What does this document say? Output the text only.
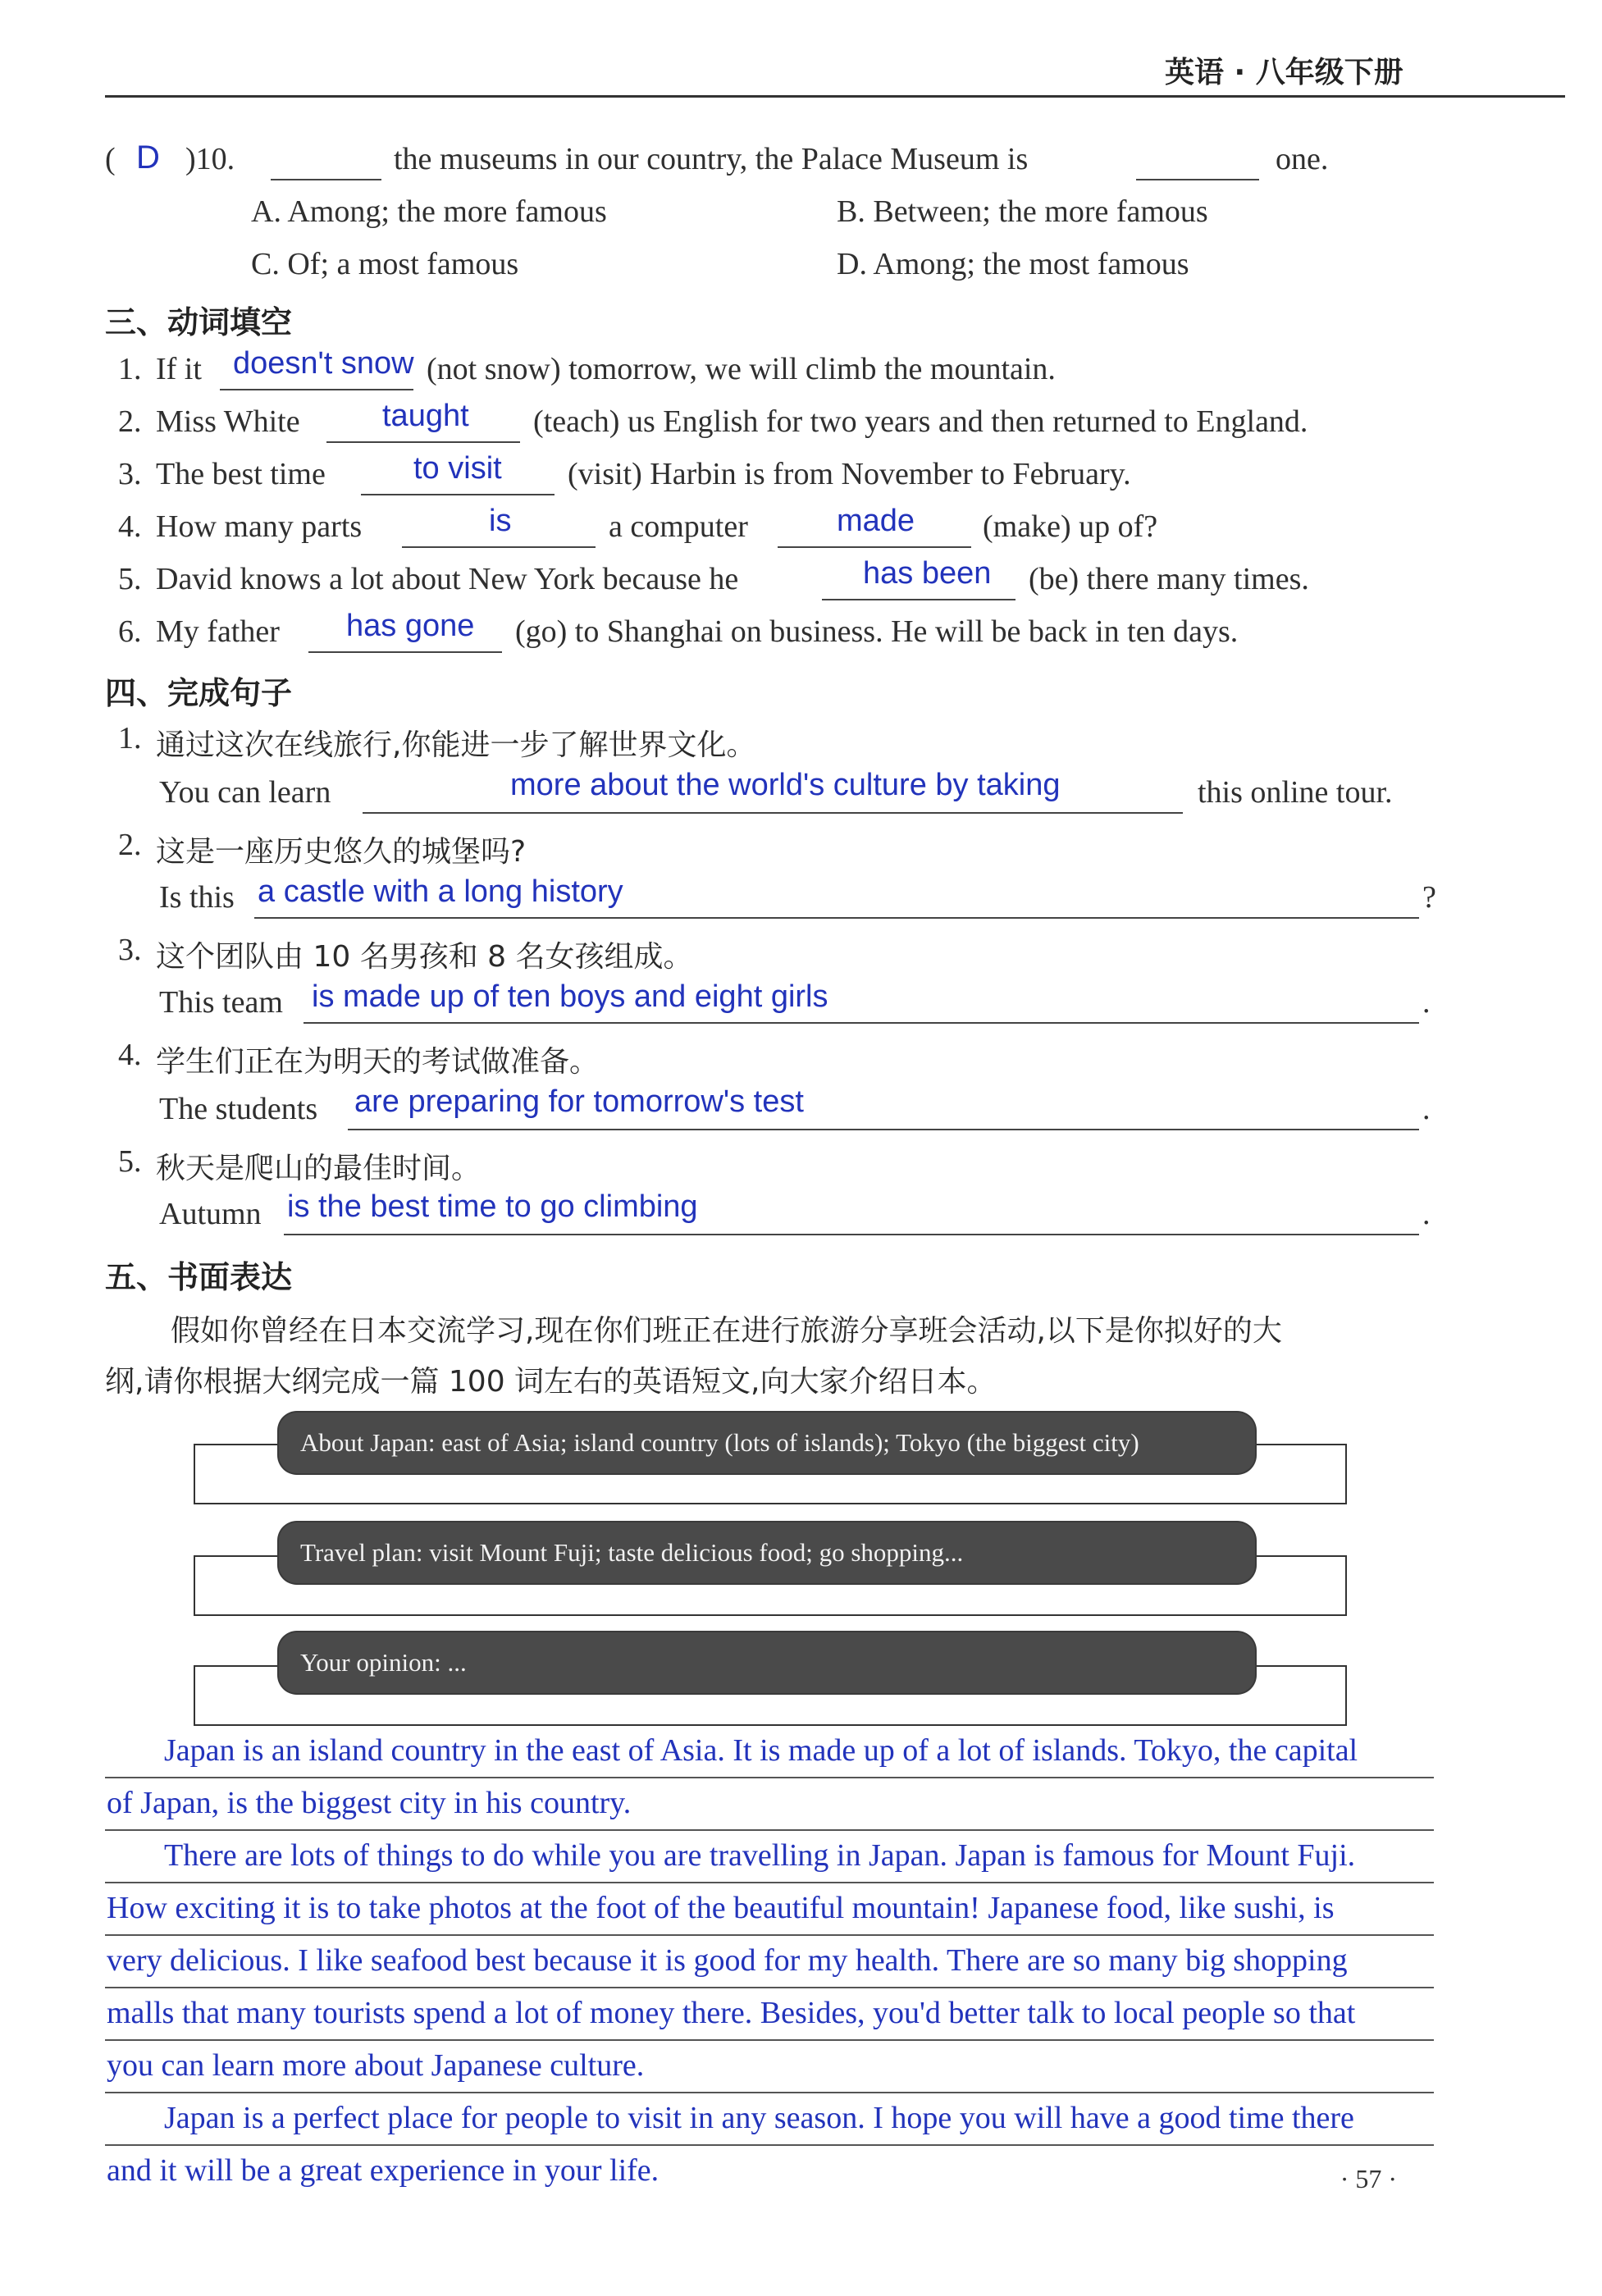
英语 · 八年级下册
( D )10.	the museums in our country, the Palace Museum is	one.
A. Among; the more famous	B. Between; the more famous
C. Of; a most famous	D. Among; the most famous
三、动词填空
1. If it doesn't snow (not snow) tomorrow, we will climb the mountain.
2. Miss White	taught (teach) us English for two years and then returned to England.
3. The best time	to visit (visit) Harbin is from November to February.
4. How many parts	is	a computer	made (make) up of?
5. David knows a lot about New York because he	has been (be) there many times.
6. My father has gone (go) to Shanghai on business. He will be back in ten days.
四、完成句子
1. 通过这次在线旅行,你能进一步了解世界文化。
You can learn	more about the world's culture by taking	this online tour.
2. 这是一座历史悠久的城堡吗?
Is this a castle with a long history	?
3. 这个团队由 10 名男孩和 8 名女孩组成。
This team is made up of ten boys and eight girls	.
4. 学生们正在为明天的考试做准备。
The students are preparing for tomorrow's test	.
5. 秋天是爬山的最佳时间。
Autumn is the best time to go climbing	.
五、书面表达
假如你曾经在日本交流学习,现在你们班正在进行旅游分享班会活动,以下是你拟好的大
纲,请你根据大纲完成一篇 100 词左右的英语短文,向大家介绍日本。
About Japan: east of Asia; island country (lots of islands); Tokyo (the biggest city)
Travel plan: visit Mount Fuji; taste delicious food; go shopping...
Your opinion: ...
Japan is an island country in the east of Asia. It is made up of a lot of islands. Tokyo, the capital
of Japan, is the biggest city in his country.
There are lots of things to do while you are travelling in Japan. Japan is famous for Mount Fuji.
How exciting it is to take photos at the foot of the beautiful mountain! Japanese food, like sushi, is
very delicious. I like seafood best because it is good for my health. There are so many big shopping
malls that many tourists spend a lot of money there. Besides, you'd better talk to local people so that
you can learn more about Japanese culture.
Japan is a perfect place for people to visit in any season. I hope you will have a good time there
and it will be a great experience in your life.	· 57 ·
